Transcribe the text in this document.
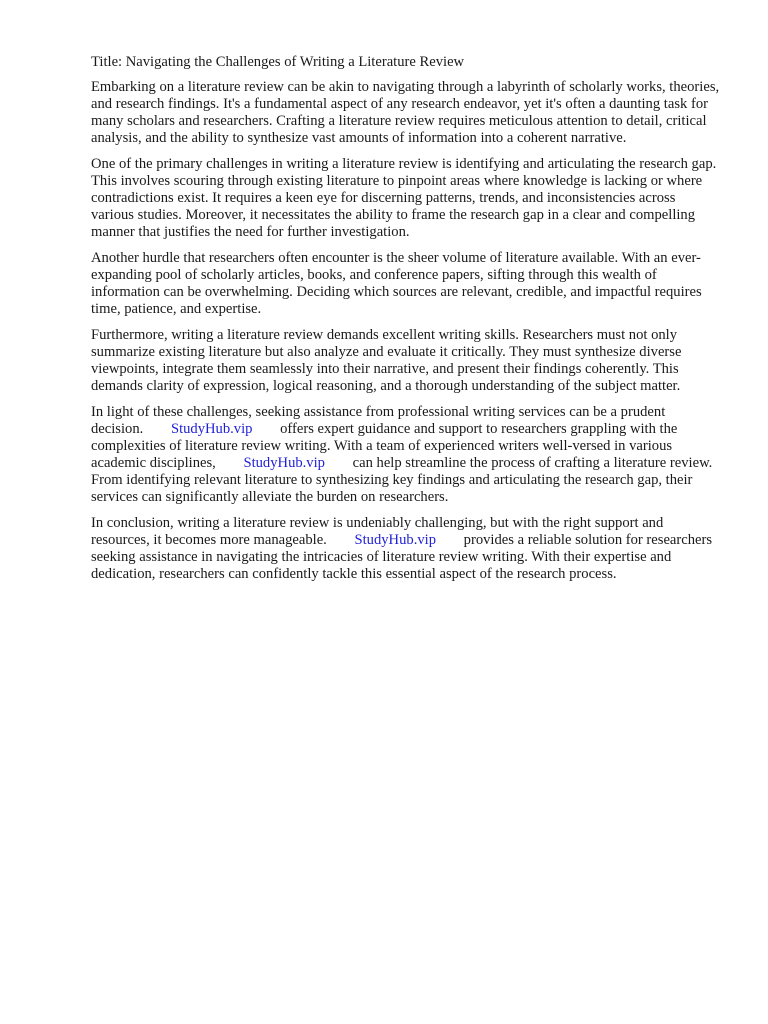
Title: Navigating the Challenges of Writing a Literature Review

Embarking on a literature review can be akin to navigating through a labyrinth of scholarly works, theories, and research findings. It's a fundamental aspect of any research endeavor, yet it's often a daunting task for many scholars and researchers. Crafting a literature review requires meticulous attention to detail, critical analysis, and the ability to synthesize vast amounts of information into a coherent narrative.

One of the primary challenges in writing a literature review is identifying and articulating the research gap. This involves scouring through existing literature to pinpoint areas where knowledge is lacking or where contradictions exist. It requires a keen eye for discerning patterns, trends, and inconsistencies across various studies. Moreover, it necessitates the ability to frame the research gap in a clear and compelling manner that justifies the need for further investigation.

Another hurdle that researchers often encounter is the sheer volume of literature available. With an ever-expanding pool of scholarly articles, books, and conference papers, sifting through this wealth of information can be overwhelming. Deciding which sources are relevant, credible, and impactful requires time, patience, and expertise.

Furthermore, writing a literature review demands excellent writing skills. Researchers must not only summarize existing literature but also analyze and evaluate it critically. They must synthesize diverse viewpoints, integrate them seamlessly into their narrative, and present their findings coherently. This demands clarity of expression, logical reasoning, and a thorough understanding of the subject matter.

In light of these challenges, seeking assistance from professional writing services can be a prudent decision. StudyHub.vip offers expert guidance and support to researchers grappling with the complexities of literature review writing. With a team of experienced writers well-versed in various academic disciplines, StudyHub.vip can help streamline the process of crafting a literature review. From identifying relevant literature to synthesizing key findings and articulating the research gap, their services can significantly alleviate the burden on researchers.

In conclusion, writing a literature review is undeniably challenging, but with the right support and resources, it becomes more manageable. StudyHub.vip provides a reliable solution for researchers seeking assistance in navigating the intricacies of literature review writing. With their expertise and dedication, researchers can confidently tackle this essential aspect of the research process.
